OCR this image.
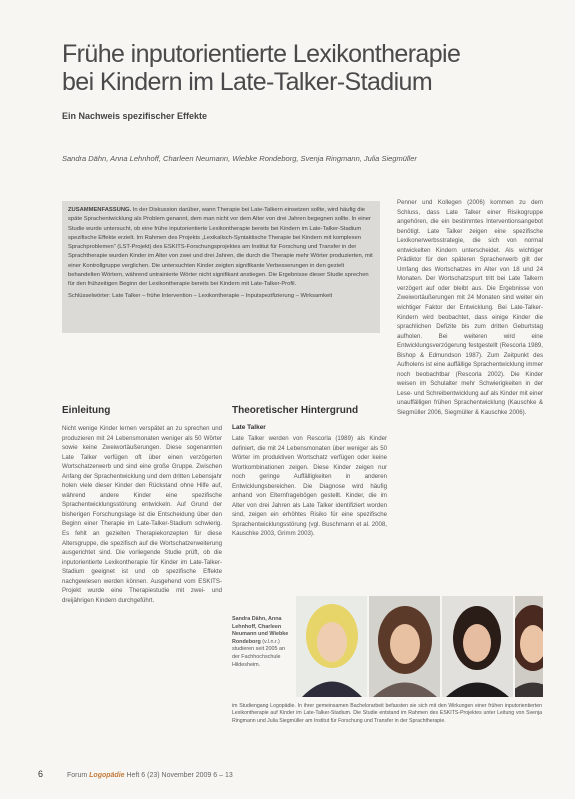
Frühe inputorientierte Lexikontherapie bei Kindern im Late-Talker-Stadium
Ein Nachweis spezifischer Effekte
Sandra Dähn, Anna Lehnhoff, Charleen Neumann, Wiebke Rondeborg, Svenja Ringmann, Julia Siegmüller
ZUSAMMENFASSUNG. In der Diskussion darüber, wann Therapie bei Late-Talkern einsetzen sollte, wird häufig die späte Sprachentwicklung als Problem genannt, dem man nicht vor dem Alter von drei Jahren begegnen sollte. In einer Studie wurde untersucht, ob eine frühe inputorientierte Lexikontherapie bereits bei Kindern im Late-Talker-Stadium spezifische Effekte erzielt. Im Rahmen des Projekts „Lexikalisch-Syntaktische Therapie bei Kindern mit komplexen Sprachproblemen“ (LST-Projekt) des ESKITS-Forschungsprojektes am Institut für Forschung und Transfer in der Sprachtherapie wurden Kinder im Alter von zwei und drei Jahren, die durch die Therapie mehr Wörter produzierten, mit einer Kontrollgruppe verglichen. Die untersuchten Kinder zeigten signifikante Verbesserungen in den gezielt behandelten Wörtern, während untrainierte Wörter nicht signifikant anstiegen. Die Ergebnisse dieser Studie sprechen für den frühzeitigen Beginn der Lexikontherapie bereits bei Kindern mit Late-Talker-Profil.
Schlüsselwörter: Late Talker – frühe Intervention – Lexikontherapie – Inputspezifizierung – Wirksamkeit

Penner und Kollegen (2006) kommen zu dem Schluss, dass Late Talker einer Risikogruppe angehören, die ein bestimmtes Interventionsangebot benötigt. Late Talker zeigen eine spezifische Lexikonerwerbsstrategie, die sich von normal entwickelten Kindern unterscheidet. Als wichtiger Prädiktor für den späteren Spracherwerb gilt der Umfang des Wortschatzes im Alter von 18 und 24 Monaten. Der Wortschatzspurt tritt bei Late Talkern verzögert auf oder bleibt aus. Die Ergebnisse von Zweiwortäußerungen mit 24 Monaten sind weiter ein wichtiger Faktor der Entwicklung. Bei Late-Talker-Kindern wird beobachtet, dass einige Kinder die sprachlichen Defizite bis zum dritten Geburtstag aufholen. Bei weiteren wird eine Entwicklungsverzögerung festgestellt (Rescorla 1989, Bishop & Edmundson 1987). Zum Zeitpunkt des Aufholens ist eine auffällige Sprachentwicklung immer noch beobachtbar (Rescorla 2002). Die Kinder weisen im Schulalter mehr Schwierigkeiten in der Lese- und Schreibentwicklung auf als Kinder mit einer unauffälligen frühen Sprachentwicklung (Kauschke & Siegmüller 2006, Siegmüller & Kauschke 2006).

Einleitung

Nicht wenige Kinder lernen verspätet an zu sprechen und produzieren mit 24 Lebensmonaten weniger als 50 Wörter sowie keine Zweiwortäußerungen. Diese sogenannten Late Talker verfügen oft über einen verzögerten Wortschatzerwerb und sind eine große Gruppe. Zwischen Anfang der Sprachentwicklung und dem dritten Lebensjahr holen viele dieser Kinder den Rückstand ohne Hilfe auf, während andere Kinder eine spezifische Sprachentwicklungsstörung entwickeln. Auf Grund der bisherigen Forschungslage ist die Entscheidung über den Beginn einer Therapie im Late-Talker-Stadium schwierig. Es fehlt an gezielten Therapiekonzepten für diese Altersgruppe, die spezifisch auf die Wortschatzerweiterung ausgerichtet sind. Die vorliegende Studie prüft, ob die inputorientierte Lexikontherapie für Kinder im Late-Talker-Stadium geeignet ist und ob spezifische Effekte nachgewiesen werden können. Ausgehend vom ESKITS-Projekt wurde eine Therapiestudie mit zwei- und dreijährigen Kindern durchgeführt.

Theoretischer Hintergrund
Late Talker

Late Talker werden von Rescorla (1989) als Kinder definiert, die mit 24 Lebensmonaten über weniger als 50 Wörter im produktiven Wortschatz verfügen oder keine Wortkombinationen zeigen. Diese Kinder zeigen nur noch geringe Auffälligkeiten in anderen Entwicklungsbereichen. Die Diagnose wird häufig anhand von Elternfragebögen gestellt. Kinder, die im Alter von drei Jahren als Late Talker identifiziert worden sind, zeigen ein erhöhtes Risiko für eine spezifische Sprachentwicklungsstörung (vgl. Buschmann et al. 2008, Kauschke 2003, Grimm 2003).

Sandra Dähn, Anna Lehnhoff, Charleen Neumann und Wiebke Rondeborg (v.l.n.r.) studieren seit 2005 an der Fachhochschule Hildesheim.
im Studiengang Logopädie. In ihrer gemeinsamen Bachelorarbeit befassten sie sich mit den Wirkungen einer frühen inputorientierten Lexikontherapie auf Kinder im Late-Talker-Stadium. Die Studie entstand im Rahmen des ESKITS-Projektes unter Leitung von Svenja Ringmann und Julia Siegmüller am Institut für Forschung und Transfer in der Sprachtherapie.
6	Forum Logopädie Heft 6 (23) November 2009 6 – 13
